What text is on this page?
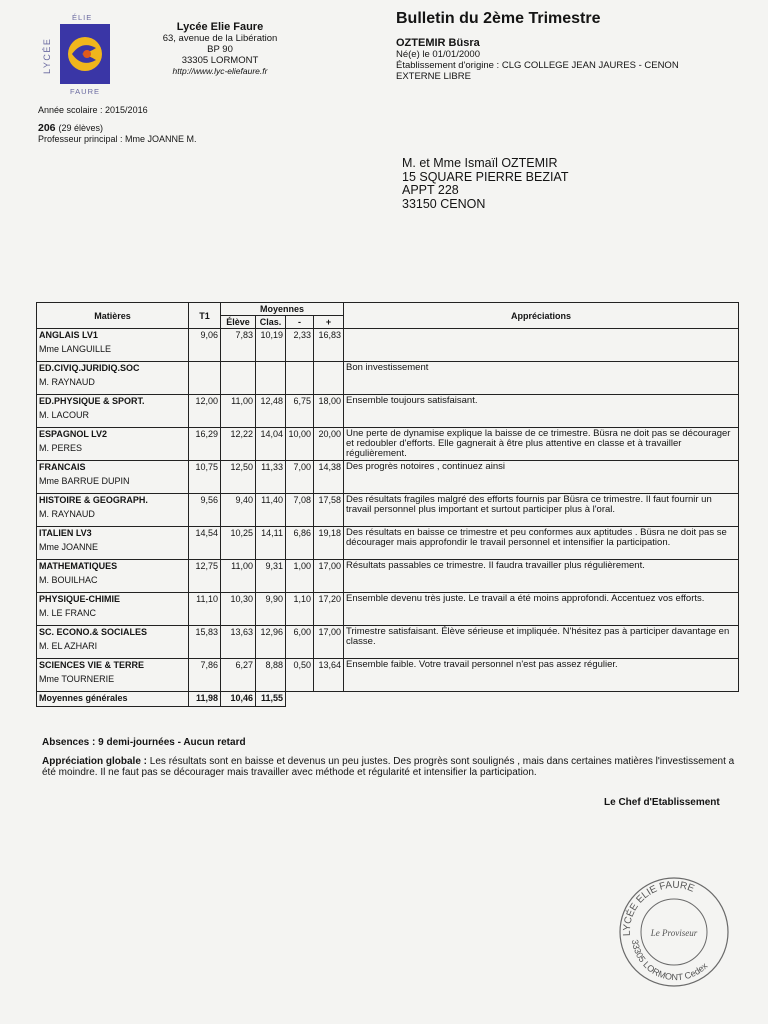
ÉLIE
LYCÉE
FAURE
Lycée Elie Faure
63, avenue de la Libération
BP 90
33305 LORMONT
http://www.lyc-eliefaure.fr
Bulletin du 2ème Trimestre
OZTEMIR Büsra
Né(e) le 01/01/2000
Établissement d'origine : CLG COLLEGE JEAN JAURES - CENON
EXTERNE LIBRE
Année scolaire : 2015/2016
206 (29 élèves)
Professeur principal : Mme JOANNE M.
M. et Mme Ismaïl OZTEMIR
15 SQUARE PIERRE BEZIAT
APPT 228
33150 CENON
Matières	T1	Moyennes				Appréciations
		Élève	Clas.	-	+	

ANGLAIS LV1
Mme LANGUILLE	9,06	7,83	10,19	2,33	16,83	

ED.CIVIQ.JURIDIQ.SOC
M. RAYNAUD						Bon investissement

ED.PHYSIQUE & SPORT.
M. LACOUR	12,00	11,00	12,48	6,75	18,00	Ensemble toujours satisfaisant.

ESPAGNOL LV2
M. PERES	16,29	12,22	14,04	10,00	20,00	Une perte de dynamise explique la baisse de ce trimestre. Büsra ne doit pas se décourager et redoubler d'efforts. Elle gagnerait à être plus attentive en classe et à travailler régulièrement.

FRANCAIS
Mme BARRUE DUPIN	10,75	12,50	11,33	7,00	14,38	Des progrès notoires , continuez ainsi

HISTOIRE & GEOGRAPH.
M. RAYNAUD	9,56	9,40	11,40	7,08	17,58	Des résultats fragiles malgré des efforts fournis par Büsra ce trimestre. Il faut fournir un travail personnel plus important et surtout participer plus à l'oral.

ITALIEN LV3
Mme JOANNE	14,54	10,25	14,11	6,86	19,18	Des résultats en baisse ce trimestre et peu conformes aux aptitudes . Büsra ne doit pas se décourager mais approfondir le travail personnel et intensifier la participation.

MATHEMATIQUES
M. BOUILHAC	12,75	11,00	9,31	1,00	17,00	Résultats passables ce trimestre. Il faudra travailler plus régulièrement.

PHYSIQUE-CHIMIE
M. LE FRANC	11,10	10,30	9,90	1,10	17,20	Ensemble devenu très juste. Le travail a été moins approfondi. Accentuez vos efforts.

SC. ECONO.& SOCIALES
M. EL AZHARI	15,83	13,63	12,96	6,00	17,00	Trimestre satisfaisant. Élève sérieuse et impliquée. N'hésitez pas à participer davantage en classe.

SCIENCES VIE & TERRE
Mme TOURNERIE	7,86	6,27	8,88	0,50	13,64	Ensemble faible. Votre travail personnel n'est pas assez régulier.
Moyennes générales	11,98	10,46	11,55			
Absences : 9 demi-journées - Aucun retard
Appréciation globale : Les résultats sont en baisse et devenus un peu justes. Des progrès sont soulignés , mais dans certaines matières l'investissement a été moindre. Il ne faut pas se décourager mais travailler avec méthode et régularité et intensifier la participation.
Le Chef d'Etablissement
LYCÉE ELIE FAURE
33305 LORMONT Cedex
Le Proviseur
